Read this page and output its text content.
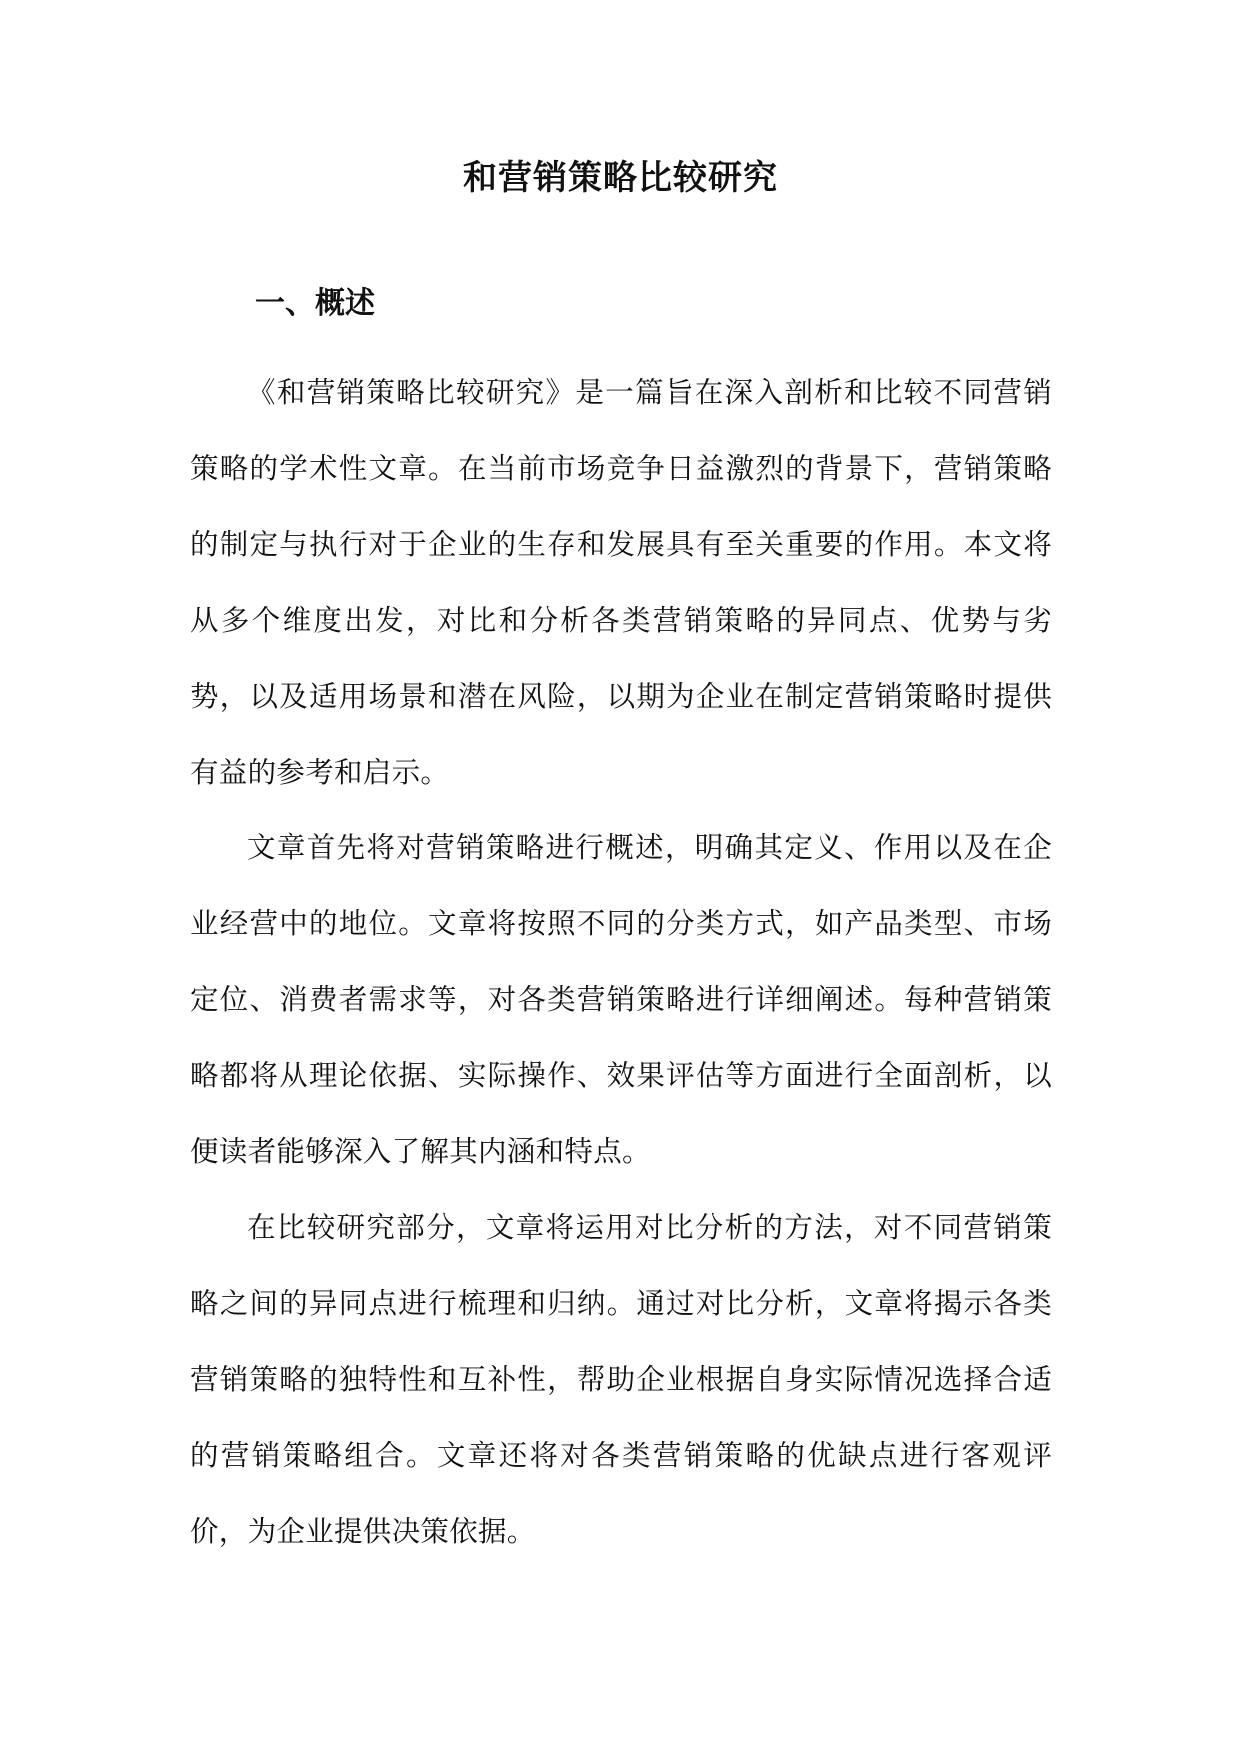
和营销策略比较研究
一、概述

《和营销策略比较研究》是一篇旨在深入剖析和比较不同营销策略的学术性文章。在当前市场竞争日益激烈的背景下，营销策略的制定与执行对于企业的生存和发展具有至关重要的作用。本文将从多个维度出发，对比和分析各类营销策略的异同点、优势与劣势，以及适用场景和潜在风险，以期为企业在制定营销策略时提供有益的参考和启示。

文章首先将对营销策略进行概述，明确其定义、作用以及在企业经营中的地位。文章将按照不同的分类方式，如产品类型、市场定位、消费者需求等，对各类营销策略进行详细阐述。每种营销策略都将从理论依据、实际操作、效果评估等方面进行全面剖析，以便读者能够深入了解其内涵和特点。

在比较研究部分，文章将运用对比分析的方法，对不同营销策略之间的异同点进行梳理和归纳。通过对比分析，文章将揭示各类营销策略的独特性和互补性，帮助企业根据自身实际情况选择合适的营销策略组合。文章还将对各类营销策略的优缺点进行客观评价，为企业提供决策依据。
